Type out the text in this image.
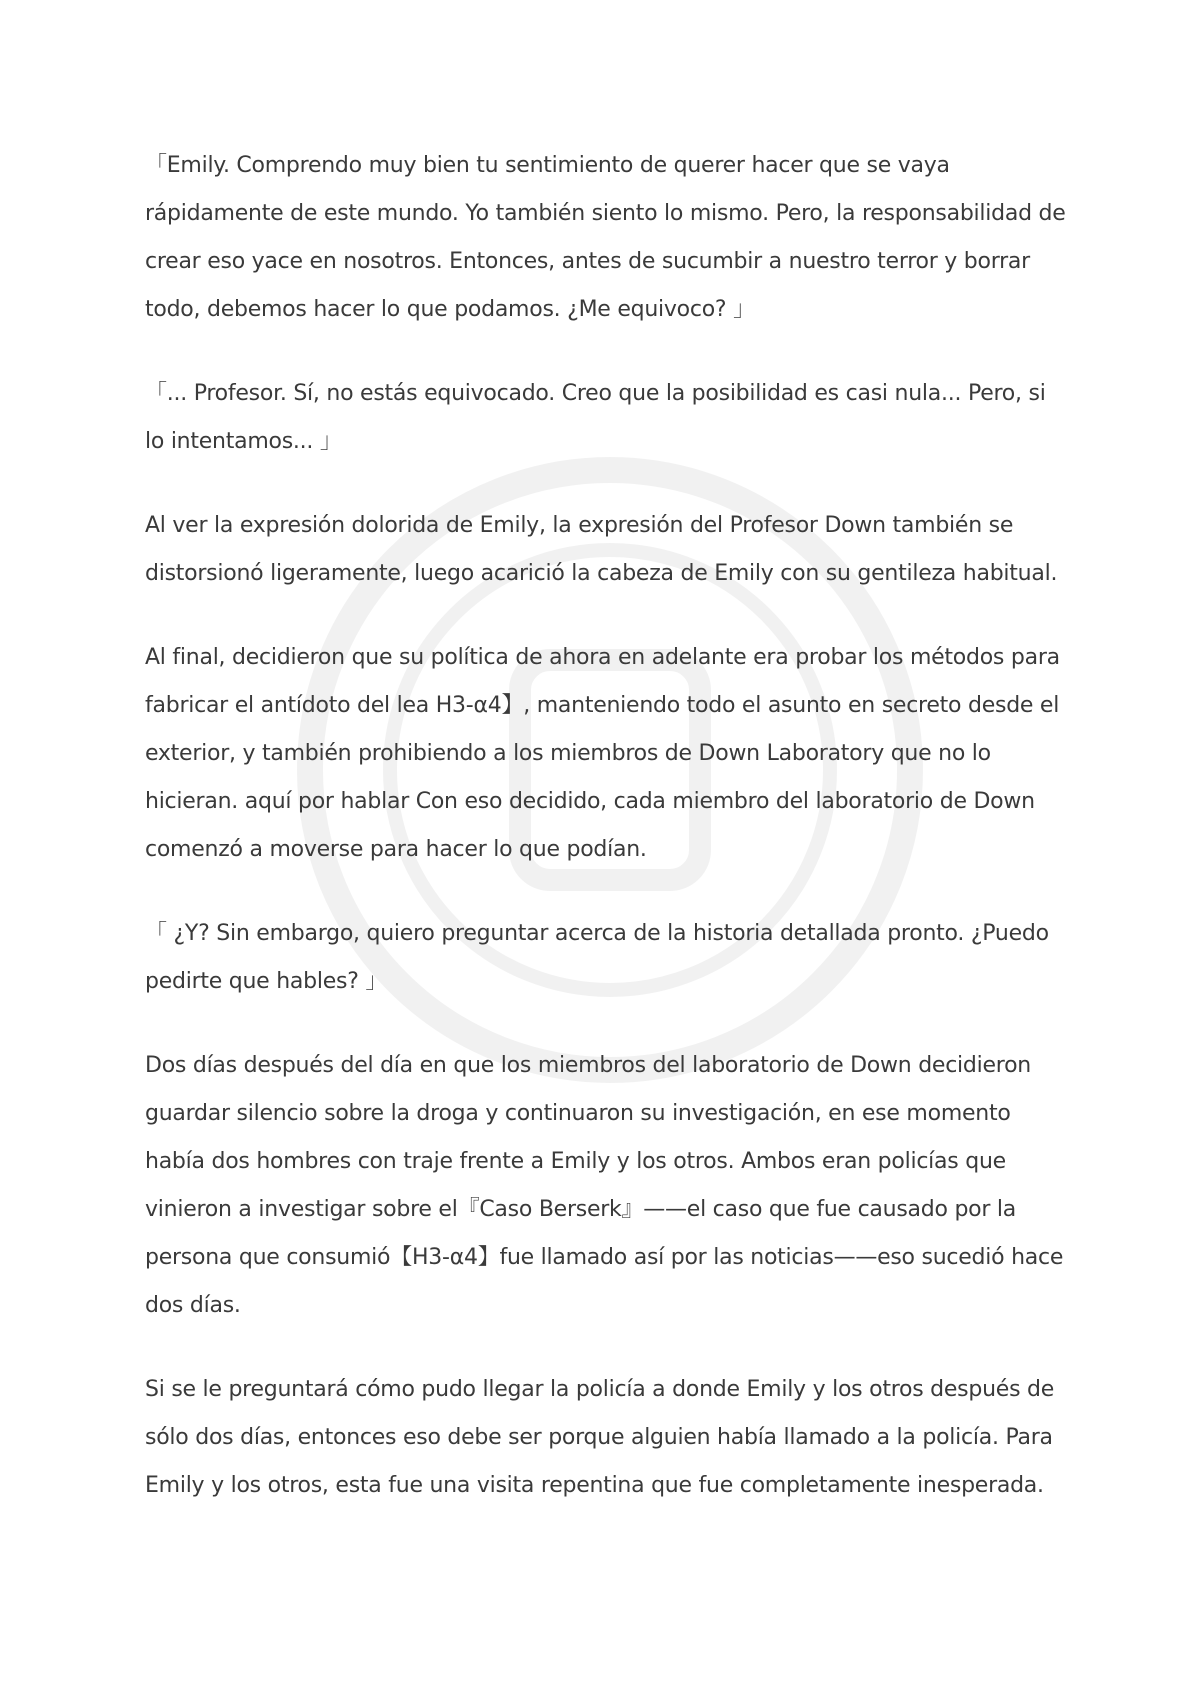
「Emily. Comprendo muy bien tu sentimiento de querer hacer que se vaya rápidamente de este mundo. Yo también siento lo mismo. Pero, la responsabilidad de crear eso yace en nosotros. Entonces, antes de sucumbir a nuestro terror y borrar todo, debemos hacer lo que podamos. ¿Me equivoco? 」

「... Profesor. Sí, no estás equivocado. Creo que la posibilidad es casi nula... Pero, si lo intentamos... 」

Al ver la expresión dolorida de Emily, la expresión del Profesor Down también se distorsionó ligeramente, luego acarició la cabeza de Emily con su gentileza habitual.

Al final, decidieron que su política de ahora en adelante era probar los métodos para fabricar el antídoto del lea H3-α4】, manteniendo todo el asunto en secreto desde el exterior, y también prohibiendo a los miembros de Down Laboratory que no lo hicieran. aquí por hablar Con eso decidido, cada miembro del laboratorio de Down comenzó a moverse para hacer lo que podían.

「 ¿Y? Sin embargo, quiero preguntar acerca de la historia detallada pronto. ¿Puedo pedirte que hables? 」

Dos días después del día en que los miembros del laboratorio de Down decidieron guardar silencio sobre la droga y continuaron su investigación, en ese momento había dos hombres con traje frente a Emily y los otros. Ambos eran policías que vinieron a investigar sobre el『Caso Berserk』——el caso que fue causado por la persona que consumió【H3-α4】fue llamado así por las noticias——eso sucedió hace dos días.

Si se le preguntará cómo pudo llegar la policía a donde Emily y los otros después de sólo dos días, entonces eso debe ser porque alguien había llamado a la policía. Para Emily y los otros, esta fue una visita repentina que fue completamente inesperada.
